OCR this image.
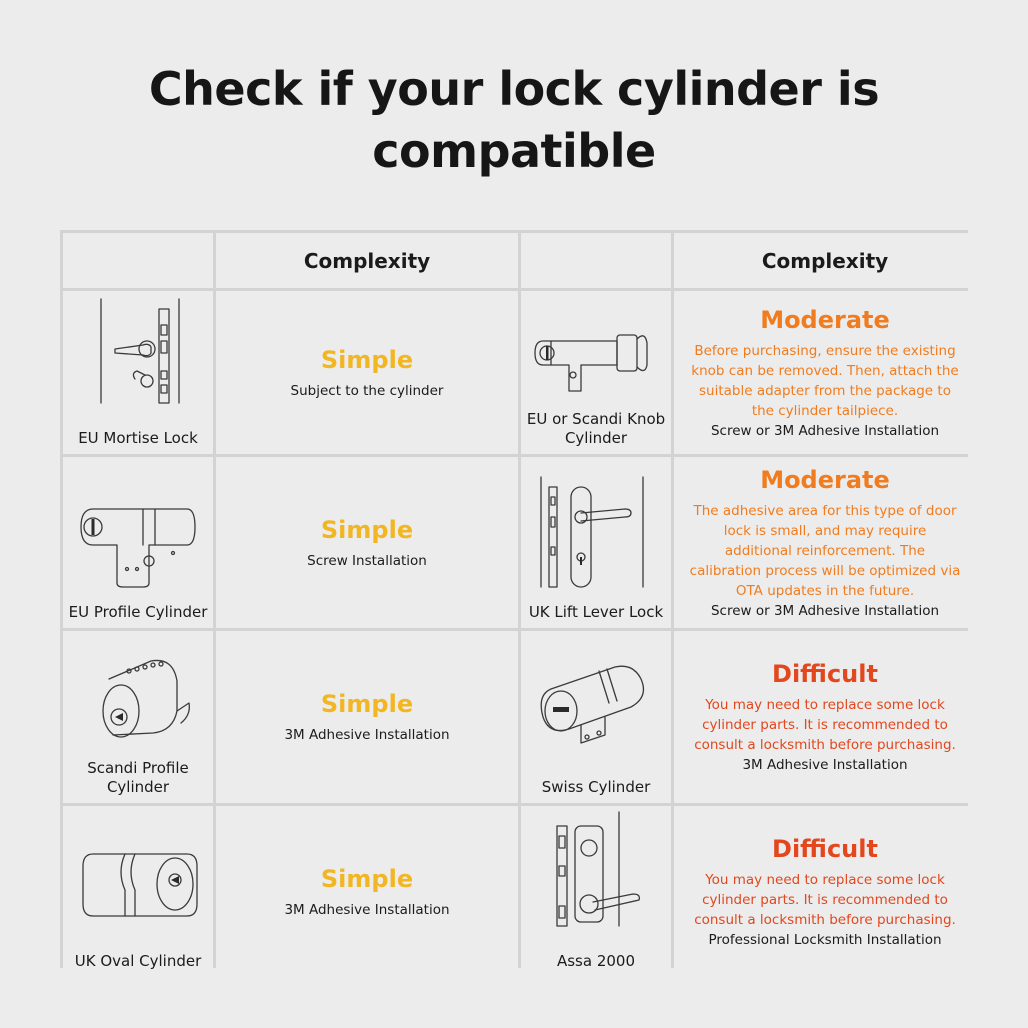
Check if your lock cylinder is
compatible
Complexity	Complexity
EU Mortise Lock
Simple
Subject to the cylinder
EU or Scandi Knob Cylinder
Moderate
Before purchasing, ensure the existing knob can be removed. Then, attach the suitable adapter from the package to the cylinder tailpiece.
Screw or 3M Adhesive Installation
EU Profile Cylinder
Simple
Screw Installation
UK Lift Lever Lock
Moderate
The adhesive area for this type of door lock is small, and may require additional reinforcement. The calibration process will be optimized via OTA updates in the future.
Screw or 3M Adhesive Installation
Scandi Profile Cylinder
Simple
3M Adhesive Installation
Swiss Cylinder
Difficult
You may need to replace some lock cylinder parts. It is recommended to consult a locksmith before purchasing.
3M Adhesive Installation
UK Oval Cylinder
Simple
3M Adhesive Installation
Assa 2000
Difficult
You may need to replace some lock cylinder parts. It is recommended to consult a locksmith before purchasing.
Professional Locksmith Installation
